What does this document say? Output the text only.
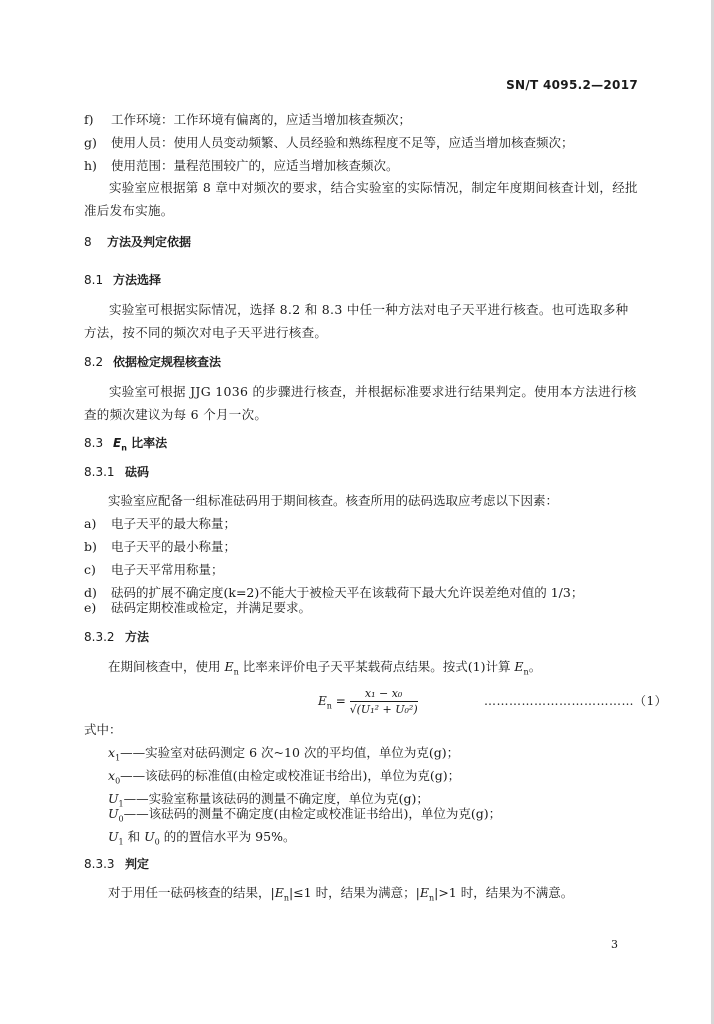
SN/T 4095.2—2017
f) 工作环境：工作环境有偏离的，应适当增加核查频次；
g) 使用人员：使用人员变动频繁、人员经验和熟练程度不足等，应适当增加核查频次；
h) 使用范围：量程范围较广的，应适当增加核查频次。
实验室应根据第 8 章中对频次的要求，结合实验室的实际情况，制定年度期间核查计划，经批准后发布实施。
8 方法及判定依据
8.1 方法选择
实验室可根据实际情况，选择 8.2 和 8.3 中任一种方法对电子天平进行核查。也可选取多种方法，按不同的频次对电子天平进行核查。
8.2 依据检定规程核查法
实验室可根据 JJG 1036 的步骤进行核查，并根据标准要求进行结果判定。使用本方法进行核查的频次建议为每 6 个月一次。
8.3 $E_n$ 比率法
8.3.1 砝码
实验室应配备一组标准砝码用于期间核查。核查所用的砝码选取应考虑以下因素：
a) 电子天平的最大称量；
b) 电子天平的最小称量；
c) 电子天平常用称量；
d) 砝码的扩展不确定度(k=2)不能大于被检天平在该载荷下最大允许误差绝对值的 1/3；
e) 砝码定期校准或检定，并满足要求。
8.3.2 方法
在期间核查中，使用 $E_n$ 比率来评价电子天平某载荷点结果。按式(1)计算 $E_n$。
$E_n = \frac{\text{x₁ − x₀}}{\text{√(U₁² + U₀²)}}$	………………………………（1）
式中：
$x_1——$实验室对砝码测定 6 次~10 次的平均值，单位为克(g)；
$x_0——$该砝码的标准值(由检定或校准证书给出)，单位为克(g)；
$U_1——$实验室称量该砝码的测量不确定度，单位为克(g)；
$U_0——$该砝码的测量不确定度(由检定或校准证书给出)，单位为克(g)；
$U_1$ 和 $U_0$ 的的置信水平为 95%。
8.3.3 判定
对于用任一砝码核查的结果，$|E_n|\le 1$ 时，结果为满意；$|E_n|>1$ 时，结果为不满意。
3
